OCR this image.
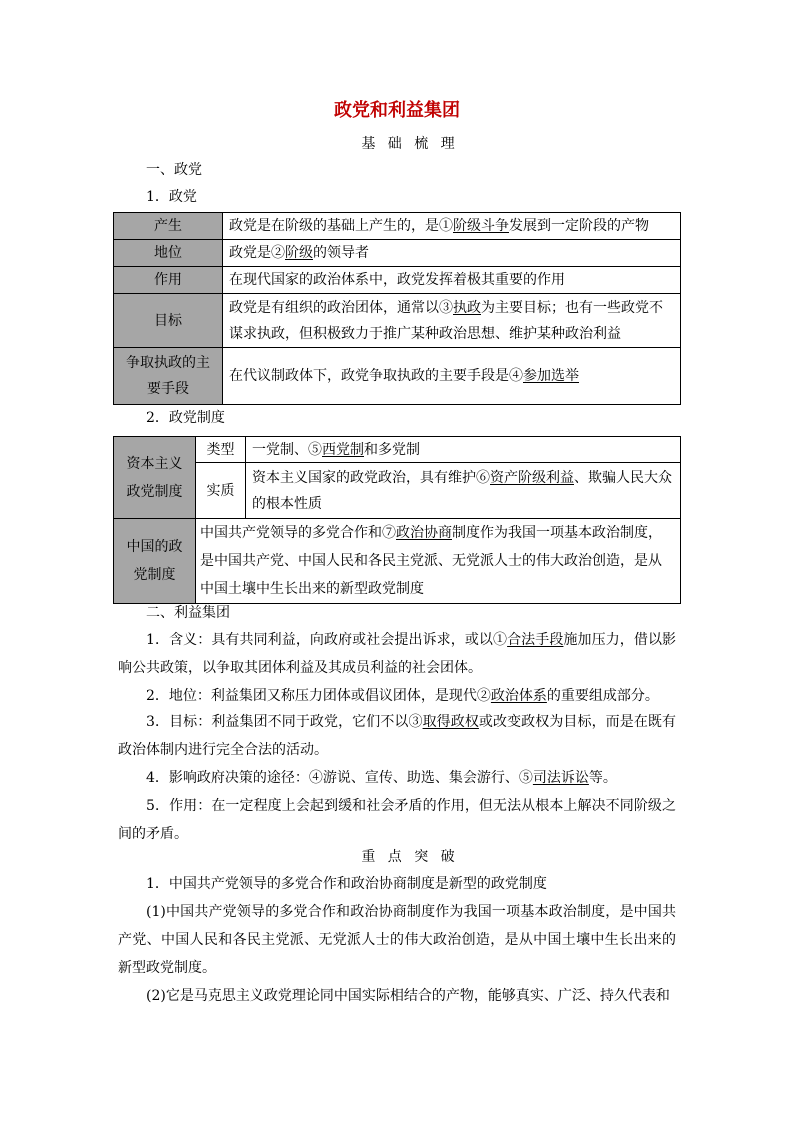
政党和利益集团
基 础 梳 理
一、政党
1．政党
产生	政党是在阶级的基础上产生的，是①阶级斗争发展到一定阶段的产物
地位	政党是②阶级的领导者
作用	在现代国家的政治体系中，政党发挥着极其重要的作用
目标	政党是有组织的政治团体，通常以③执政为主要目标；也有一些政党不谋求执政，但积极致力于推广某种政治思想、维护某种政治利益
争取执政的主要手段	在代议制政体下，政党争取执政的主要手段是④参加选举
2．政党制度
资本主义政党制度	类型	一党制、⑤西党制和多党制
	实质	资本主义国家的政党政治，具有维护⑥资产阶级利益、欺骗人民大众的根本性质
中国的政党制度	中国共产党领导的多党合作和⑦政治协商制度作为我国一项基本政治制度，是中国共产党、中国人民和各民主党派、无党派人士的伟大政治创造，是从中国土壤中生长出来的新型政党制度	
二、利益集团
1．含义：具有共同利益，向政府或社会提出诉求，或以①合法手段施加压力，借以影响公共政策，以争取其团体利益及其成员利益的社会团体。
2．地位：利益集团又称压力团体或倡议团体，是现代②政治体系的重要组成部分。
3．目标：利益集团不同于政党，它们不以③取得政权或改变政权为目标，而是在既有政治体制内进行完全合法的活动。
4．影响政府决策的途径：④游说、宣传、助选、集会游行、⑤司法诉讼等。
5．作用：在一定程度上会起到缓和社会矛盾的作用，但无法从根本上解决不同阶级之间的矛盾。
重 点 突 破
1．中国共产党领导的多党合作和政治协商制度是新型的政党制度
(1)中国共产党领导的多党合作和政治协商制度作为我国一项基本政治制度，是中国共产党、中国人民和各民主党派、无党派人士的伟大政治创造，是从中国土壤中生长出来的新型政党制度。
(2)它是马克思主义政党理论同中国实际相结合的产物，能够真实、广泛、持久代表和
